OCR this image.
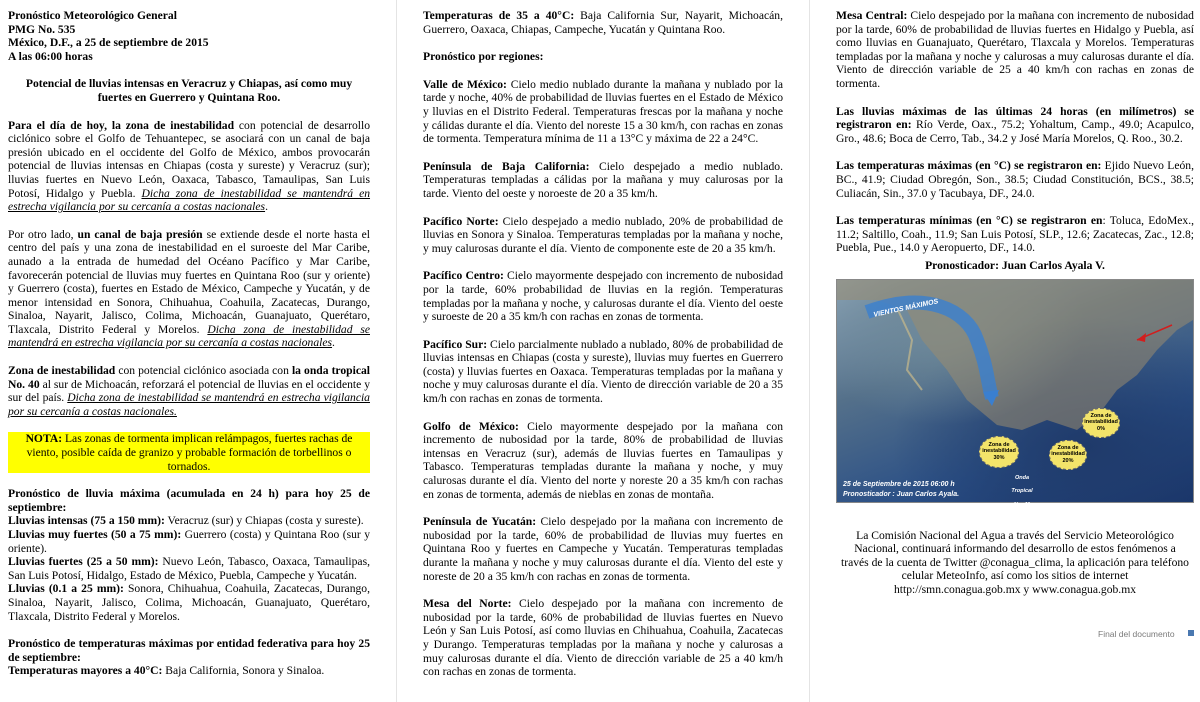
Pronóstico Meteorológico General

PMG No. 535

México, D.F., a 25 de septiembre de 2015

A las 06:00 horas

Potencial de lluvias intensas en Veracruz y Chiapas, así como muy fuertes en Guerrero y Quintana Roo.

Para el día de hoy, la zona de inestabilidad con potencial de desarrollo ciclónico sobre el Golfo de Tehuantepec, se asociará con un canal de baja presión ubicado en el occidente del Golfo de México, ambos provocarán potencial de lluvias intensas en Chiapas (costa y sureste) y Veracruz (sur); lluvias fuertes en Nuevo León, Oaxaca, Tabasco, Tamaulipas, San Luis Potosí, Hidalgo y Puebla. Dicha zona de inestabilidad se mantendrá en estrecha vigilancia por su cercanía a costas nacionales.

Por otro lado, un canal de baja presión se extiende desde el norte hasta el centro del país y una zona de inestabilidad en el suroeste del Mar Caribe, aunado a la entrada de humedad del Océano Pacífico y Mar Caribe, favorecerán potencial de lluvias muy fuertes en Quintana Roo (sur y oriente) y Guerrero (costa), fuertes en Estado de México, Campeche y Yucatán, y de menor intensidad en Sonora, Chihuahua, Coahuila, Zacatecas, Durango, Sinaloa, Nayarit, Jalisco, Colima, Michoacán, Guanajuato, Querétaro, Tlaxcala, Distrito Federal y Morelos. Dicha zona de inestabilidad se mantendrá en estrecha vigilancia por su cercanía a costas nacionales.

Zona de inestabilidad con potencial ciclónico asociada con la onda tropical No. 40 al sur de Michoacán, reforzará el potencial de lluvias en el occidente y sur del país. Dicha zona de inestabilidad se mantendrá en estrecha vigilancia por su cercanía a costas nacionales.

NOTA: Las zonas de tormenta implican relámpagos, fuertes rachas de viento, posible caída de granizo y probable formación de torbellinos o tornados.

Pronóstico de lluvia máxima (acumulada en 24 h) para hoy 25 de septiembre:

Lluvias intensas (75 a 150 mm): Veracruz (sur) y Chiapas (costa y sureste).
Lluvias muy fuertes (50 a 75 mm): Guerrero (costa) y Quintana Roo (sur y oriente).
Lluvias fuertes (25 a 50 mm): Nuevo León, Tabasco, Oaxaca, Tamaulipas, San Luis Potosí, Hidalgo, Estado de México, Puebla, Campeche y Yucatán.
Lluvias (0.1 a 25 mm): Sonora, Chihuahua, Coahuila, Zacatecas, Durango, Sinaloa, Nayarit, Jalisco, Colima, Michoacán, Guanajuato, Querétaro, Tlaxcala, Distrito Federal y Morelos.

Pronóstico de temperaturas máximas por entidad federativa para hoy 25 de septiembre:

Temperaturas mayores a 40°C: Baja California, Sonora y Sinaloa.

Temperaturas de 35 a 40°C: Baja California Sur, Nayarit, Michoacán, Guerrero, Oaxaca, Chiapas, Campeche, Yucatán y Quintana Roo.

Pronóstico por regiones:

Valle de México: Cielo medio nublado durante la mañana y nublado por la tarde y noche, 40% de probabilidad de lluvias fuertes en el Estado de México y lluvias en el Distrito Federal. Temperaturas frescas por la mañana y noche y cálidas durante el día. Viento del noreste 15 a 30 km/h, con rachas en zonas de tormenta. Temperatura mínima de 11 a 13°C y máxima de 22 a 24°C.

Península de Baja California: Cielo despejado a medio nublado. Temperaturas templadas a cálidas por la mañana y muy calurosas por la tarde. Viento del oeste y noroeste de 20 a 35 km/h.

Pacífico Norte: Cielo despejado a medio nublado, 20% de probabilidad de lluvias en Sonora y Sinaloa. Temperaturas templadas por la mañana y noche, y muy calurosas durante el día. Viento de componente este de 20 a 35 km/h.

Pacífico Centro: Cielo mayormente despejado con incremento de nubosidad por la tarde, 60% probabilidad de lluvias en la región. Temperaturas templadas por la mañana y noche, y calurosas durante el día. Viento del oeste y suroeste de 20 a 35 km/h con rachas en zonas de tormenta.

Pacífico Sur: Cielo parcialmente nublado a nublado, 80% de probabilidad de lluvias intensas en Chiapas (costa y sureste), lluvias muy fuertes en Guerrero (costa) y lluvias fuertes en Oaxaca. Temperaturas templadas por la mañana y noche y muy calurosas durante el día. Viento de dirección variable de 20 a 35 km/h con rachas en zonas de tormenta.

Golfo de México: Cielo mayormente despejado por la mañana con incremento de nubosidad por la tarde, 80% de probabilidad de lluvias intensas en Veracruz (sur), además de lluvias fuertes en Tamaulipas y Tabasco. Temperaturas templadas durante la mañana y noche, y muy calurosas durante el día. Viento del norte y noreste 20 a 35 km/h con rachas en zonas de tormenta, además de nieblas en zonas de montaña.

Península de Yucatán: Cielo despejado por la mañana con incremento de nubosidad por la tarde, 60% de probabilidad de lluvias muy fuertes en Quintana Roo y fuertes en Campeche y Yucatán. Temperaturas templadas durante la mañana y noche y muy calurosas durante el día. Viento del este y noreste de 20 a 35 km/h con rachas en zonas de tormenta.

Mesa del Norte: Cielo despejado por la mañana con incremento de nubosidad por la tarde, 60% de probabilidad de lluvias fuertes en Nuevo León y San Luis Potosí, así como lluvias en Chihuahua, Coahuila, Zacatecas y Durango. Temperaturas templadas por la mañana y noche y calurosas a muy calurosas durante el día. Viento de dirección variable de 25 a 40 km/h con rachas en zonas de tormenta.

Mesa Central: Cielo despejado por la mañana con incremento de nubosidad por la tarde, 60% de probabilidad de lluvias fuertes en Hidalgo y Puebla, así como lluvias en Guanajuato, Querétaro, Tlaxcala y Morelos. Temperaturas templadas por la mañana y noche y calurosas a muy calurosas durante el día. Viento de dirección variable de 25 a 40 km/h con rachas en zonas de tormenta.

Las lluvias máximas de las últimas 24 horas (en milímetros) se registraron en: Río Verde, Oax., 75.2; Yohaltum, Camp., 49.0; Acapulco, Gro., 48.6; Boca de Cerro, Tab., 34.2 y José María Morelos, Q. Roo., 30.2.

Las temperaturas máximas (en °C) se registraron en: Ejido Nuevo León, BC., 41.9; Ciudad Obregón, Son., 38.5; Ciudad Constitución, BCS., 38.5; Culiacán, Sin., 37.0 y Tacubaya, DF., 24.0.

Las temperaturas mínimas (en °C) se registraron en: Toluca, EdoMex., 11.2; Saltillo, Coah., 11.9; San Luis Potosí, SLP., 12.6; Zacatecas, Zac., 12.8; Puebla, Pue., 14.0 y Aeropuerto, DF., 14.0.

Pronosticador: Juan Carlos Ayala V.

VIENTOS MÁXIMOS
Zona de inestabilidad 0%
Zona de inestabilidad 30%
Zona de inestabilidad 20%
Onda Tropical No. 40
25 de Septiembre de 2015 06:00 h
Pronosticador : Juan Carlos Ayala.

La Comisión Nacional del Agua a través del Servicio Meteorológico Nacional, continuará informando del desarrollo de estos fenómenos a través de la cuenta de Twitter @conagua_clima, la aplicación para teléfono celular MeteoInfo, así como los sitios de internet http://smn.conagua.gob.mx y www.conagua.gob.mx

Final del documento
